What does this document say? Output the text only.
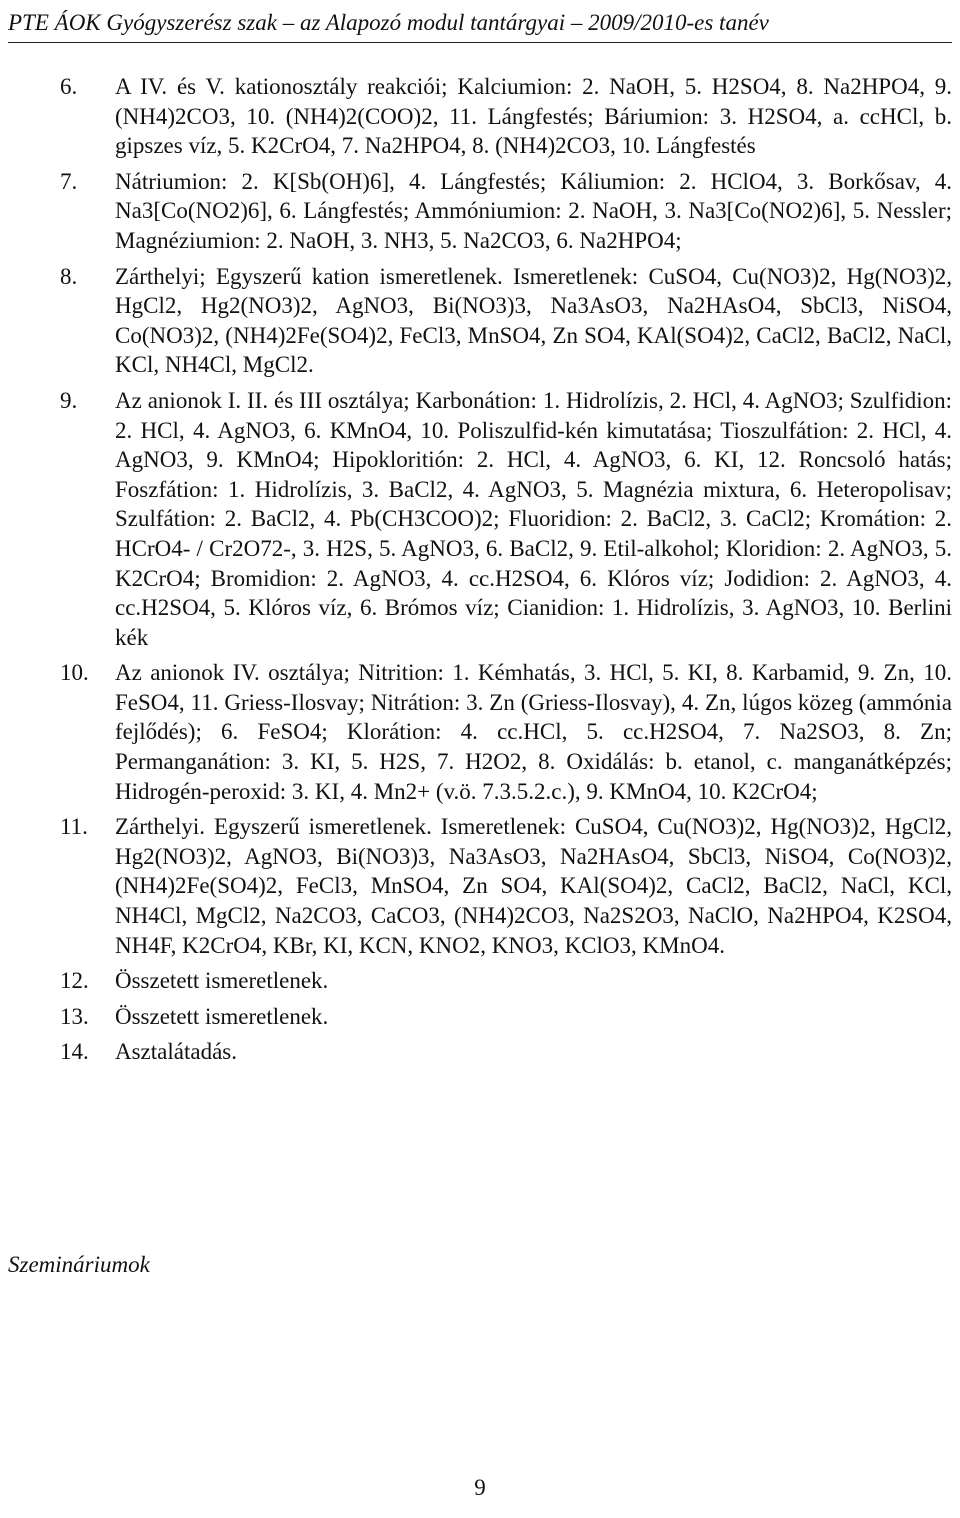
PTE ÁOK Gyógyszerész szak – az Alapozó modul tantárgyai – 2009/2010-es tanév
6. A IV. és V. kationosztály reakciói; Kalciumion: 2. NaOH, 5. H2SO4, 8. Na2HPO4, 9. (NH4)2CO3, 10. (NH4)2(COO)2, 11. Lángfestés; Báriumion: 3. H2SO4, a. ccHCl, b. gipszes víz, 5. K2CrO4, 7. Na2HPO4, 8. (NH4)2CO3, 10. Lángfestés
7. Nátriumion: 2. K[Sb(OH)6], 4. Lángfestés; Káliumion: 2. HClO4, 3. Borkősav, 4. Na3[Co(NO2)6], 6. Lángfestés; Ammóniumion: 2. NaOH, 3. Na3[Co(NO2)6], 5. Nessler; Magnéziumion: 2. NaOH, 3. NH3, 5. Na2CO3, 6. Na2HPO4;
8. Zárthelyi; Egyszerű kation ismeretlenek. Ismeretlenek: CuSO4, Cu(NO3)2, Hg(NO3)2, HgCl2, Hg2(NO3)2, AgNO3, Bi(NO3)3, Na3AsO3, Na2HAsO4, SbCl3, NiSO4, Co(NO3)2, (NH4)2Fe(SO4)2, FeCl3, MnSO4, Zn SO4, KAl(SO4)2, CaCl2, BaCl2, NaCl, KCl, NH4Cl, MgCl2.
9. Az anionok I. II. és III osztálya; Karbonátion: 1. Hidrolízis, 2. HCl, 4. AgNO3; Szulfidion: 2. HCl, 4. AgNO3, 6. KMnO4, 10. Poliszulfid-kén kimutatása; Tioszulfátion: 2. HCl, 4. AgNO3, 9. KMnO4; Hipokloritión: 2. HCl, 4. AgNO3, 6. KI, 12. Roncsoló hatás; Foszfátion: 1. Hidrolízis, 3. BaCl2, 4. AgNO3, 5. Magnézia mixtura, 6. Heteropolisav; Szulfátion: 2. BaCl2, 4. Pb(CH3COO)2; Fluoridion: 2. BaCl2, 3. CaCl2; Kromátion: 2. HCrO4- / Cr2O72-, 3. H2S, 5. AgNO3, 6. BaCl2, 9. Etil-alkohol; Kloridion: 2. AgNO3, 5. K2CrO4; Bromidion: 2. AgNO3, 4. cc.H2SO4, 6. Klóros víz; Jodidion: 2. AgNO3, 4. cc.H2SO4, 5. Klóros víz, 6. Brómos víz; Cianidion: 1. Hidrolízis, 3. AgNO3, 10. Berlini kék
10. Az anionok IV. osztálya; Nitrition: 1. Kémhatás, 3. HCl, 5. KI, 8. Karbamid, 9. Zn, 10. FeSO4, 11. Griess-Ilosvay; Nitrátion: 3. Zn (Griess-Ilosvay), 4. Zn, lúgos közeg (ammónia fejlődés); 6. FeSO4; Klorátion: 4. cc.HCl, 5. cc.H2SO4, 7. Na2SO3, 8. Zn; Permanganátion: 3. KI, 5. H2S, 7. H2O2, 8. Oxidálás: b. etanol, c. manganátképzés; Hidrogén-peroxid: 3. KI, 4. Mn2+ (v.ö. 7.3.5.2.c.), 9. KMnO4, 10. K2CrO4;
11. Zárthelyi. Egyszerű ismeretlenek. Ismeretlenek: CuSO4, Cu(NO3)2, Hg(NO3)2, HgCl2, Hg2(NO3)2, AgNO3, Bi(NO3)3, Na3AsO3, Na2HAsO4, SbCl3, NiSO4, Co(NO3)2, (NH4)2Fe(SO4)2, FeCl3, MnSO4, Zn SO4, KAl(SO4)2, CaCl2, BaCl2, NaCl, KCl, NH4Cl, MgCl2, Na2CO3, CaCO3, (NH4)2CO3, Na2S2O3, NaClO, Na2HPO4, K2SO4, NH4F, K2CrO4, KBr, KI, KCN, KNO2, KNO3, KClO3, KMnO4.
12. Összetett ismeretlenek.
13. Összetett ismeretlenek.
14. Asztalátadás.
Szemináriumok
9
